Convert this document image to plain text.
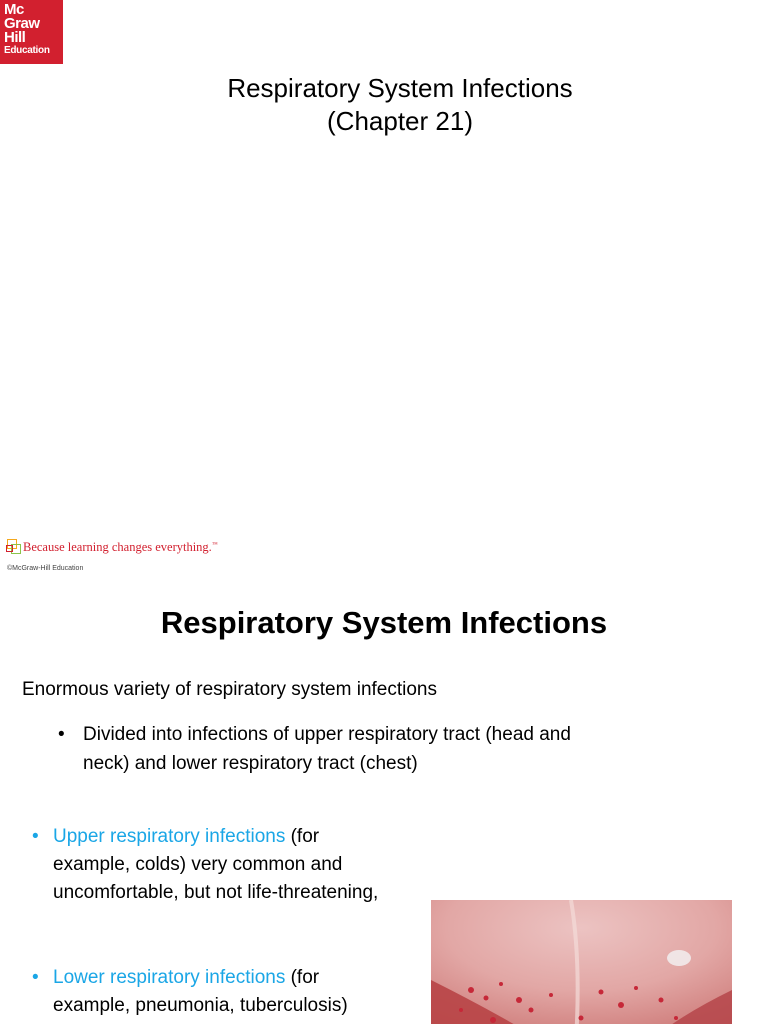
Mc
Graw
Hill
Education
Respiratory System Infections
(Chapter 21)
Because learning changes everything.™
©McGraw-Hill Education
Respiratory System Infections

Enormous variety of respiratory system infections

• Divided into infections of upper respiratory tract (head and neck) and lower respiratory tract (chest)
• Upper respiratory infections (for example, colds) very common and uncomfortable, but not life-threatening,
• Lower respiratory infections (for example, pneumonia, tuberculosis)
